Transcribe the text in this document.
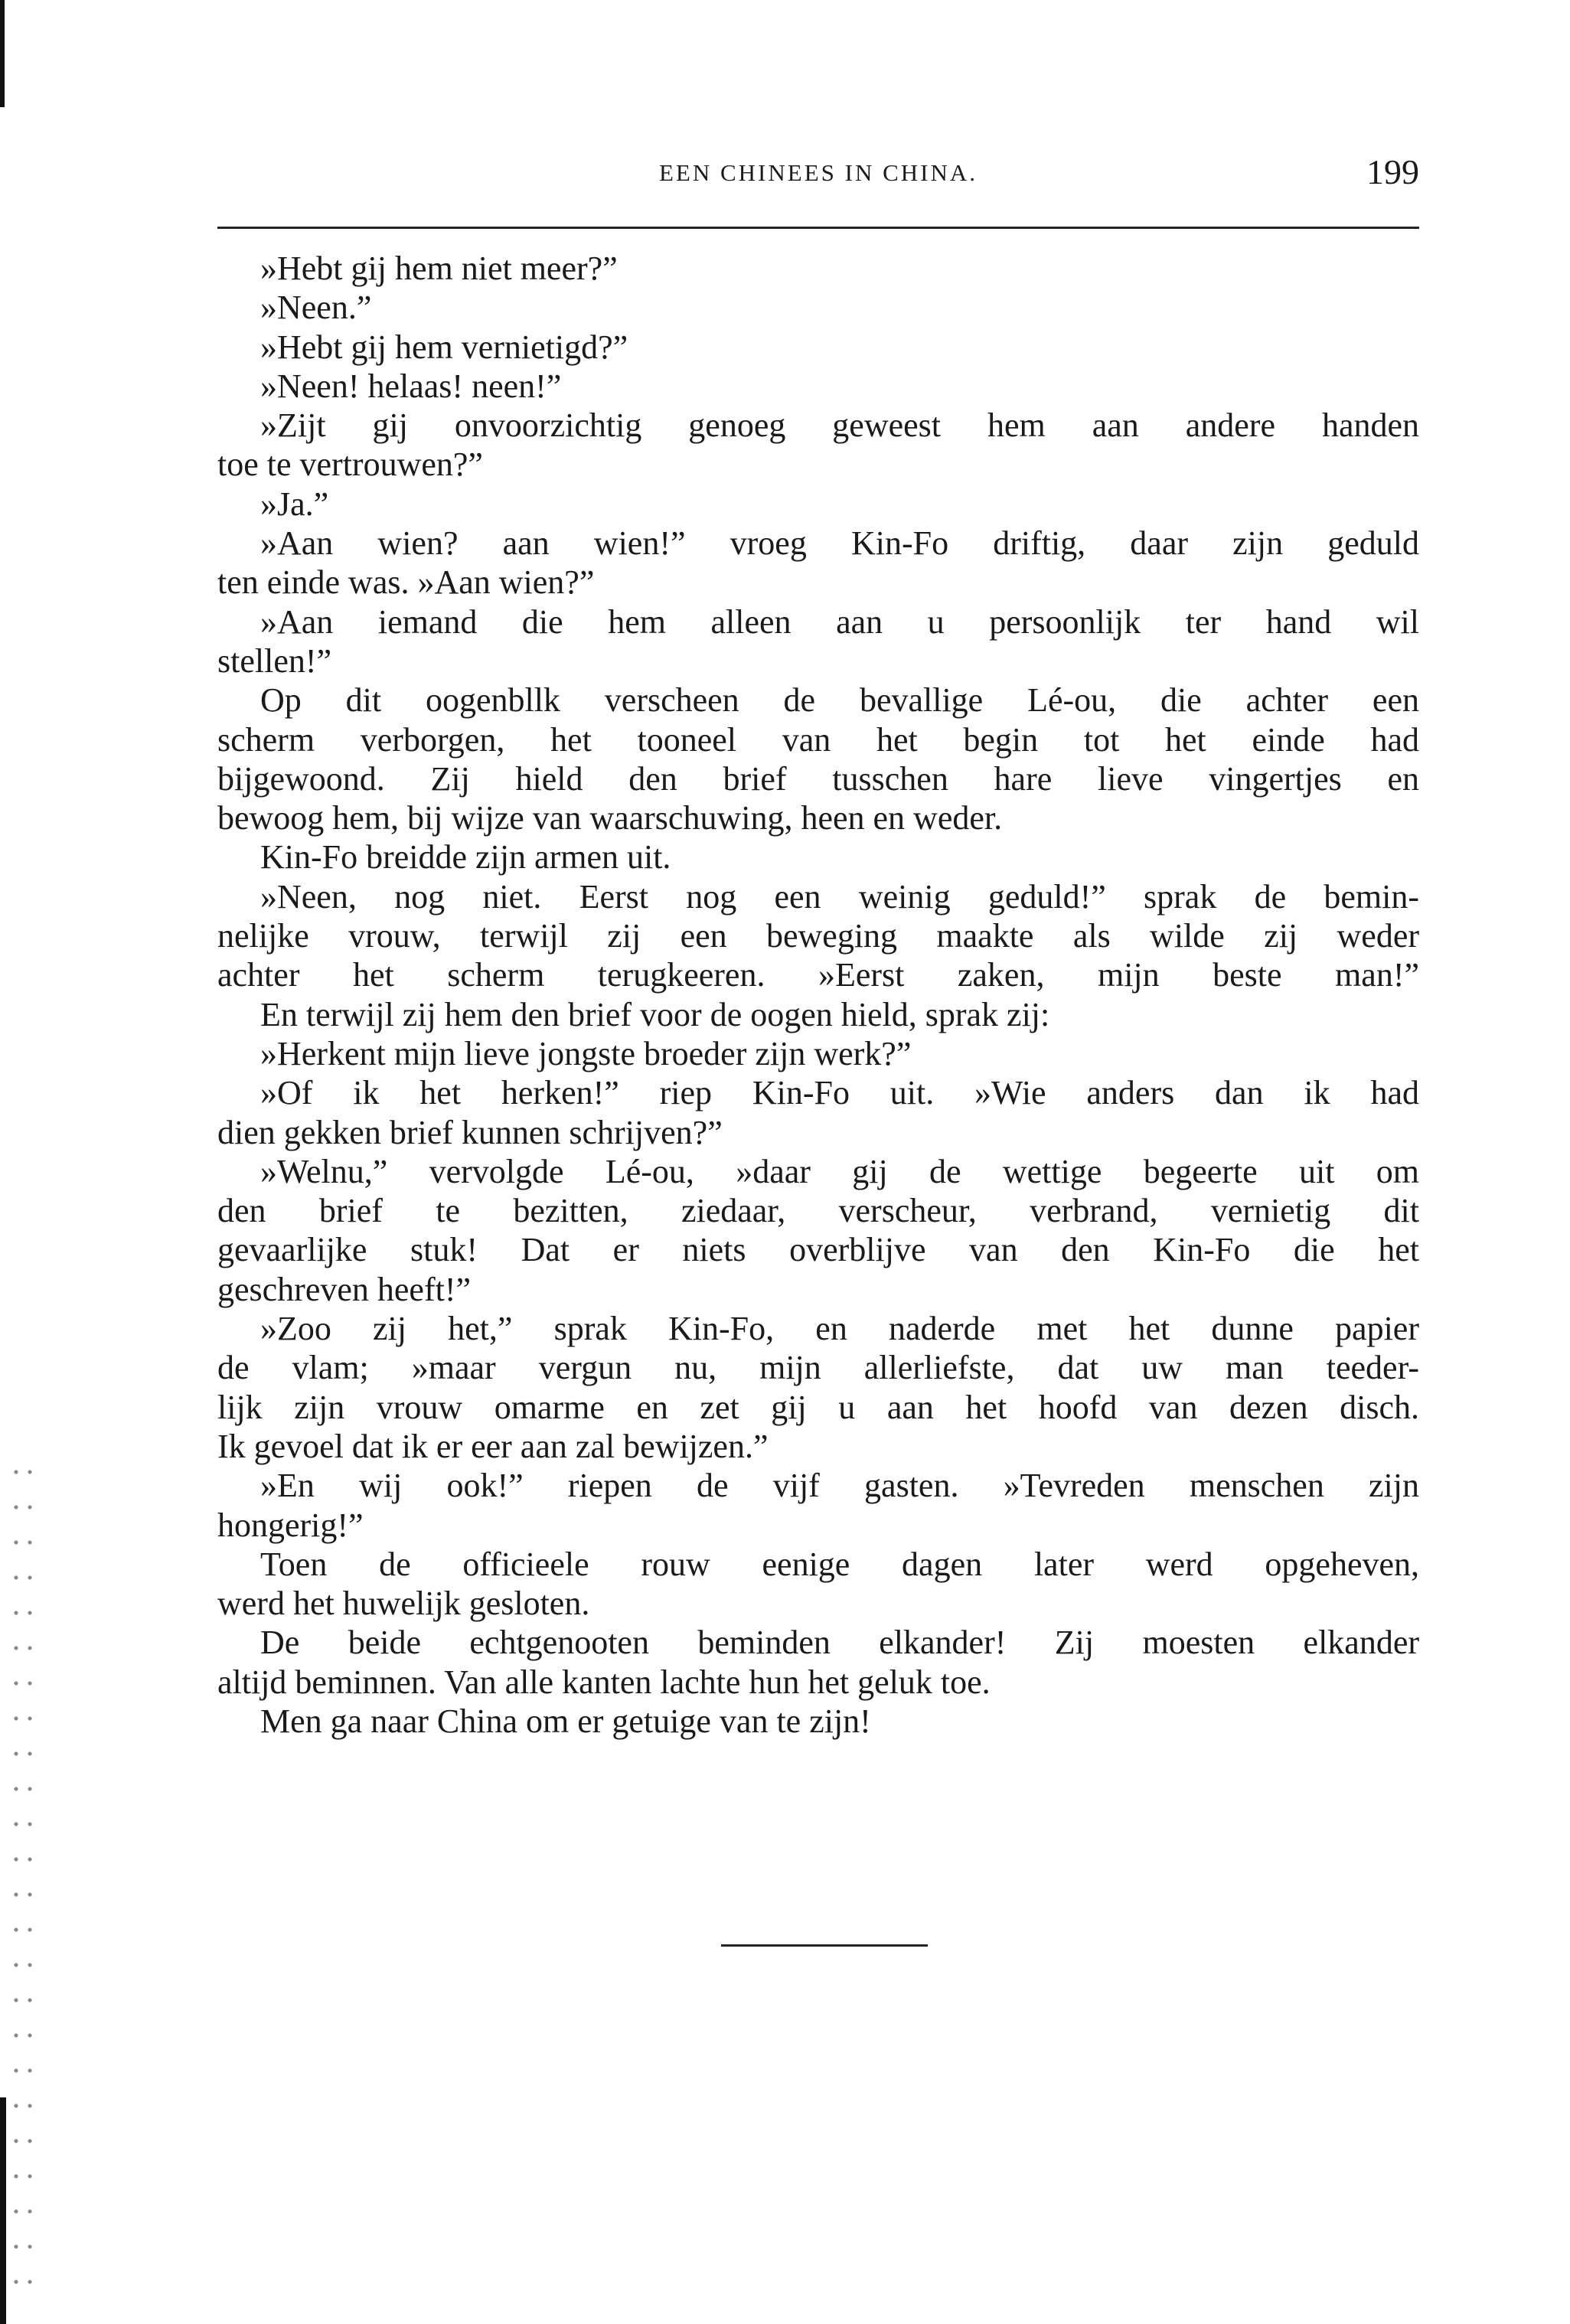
EEN CHINEES IN CHINA.	199
»Hebt gij hem niet meer?”
»Neen.”
»Hebt gij hem vernietigd?”
»Neen! helaas! neen!”
»Zijt gij onvoorzichtig genoeg geweest hem aan andere handen
toe te vertrouwen?”
»Ja.”
»Aan wien? aan wien!” vroeg Kin-Fo driftig, daar zijn geduld
ten einde was. »Aan wien?”
»Aan iemand die hem alleen aan u persoonlijk ter hand wil
stellen!”
Op dit oogenbllk verscheen de bevallige Lé-ou, die achter een
scherm verborgen, het tooneel van het begin tot het einde had
bijgewoond. Zij hield den brief tusschen hare lieve vingertjes en
bewoog hem, bij wijze van waarschuwing, heen en weder.
Kin-Fo breidde zijn armen uit.
»Neen, nog niet. Eerst nog een weinig geduld!” sprak de bemin-
nelijke vrouw, terwijl zij een beweging maakte als wilde zij weder
achter het scherm terugkeeren. »Eerst zaken, mijn beste man!”
En terwijl zij hem den brief voor de oogen hield, sprak zij:
»Herkent mijn lieve jongste broeder zijn werk?”
»Of ik het herken!” riep Kin-Fo uit. »Wie anders dan ik had
dien gekken brief kunnen schrijven?”
»Welnu,” vervolgde Lé-ou, »daar gij de wettige begeerte uit om
den brief te bezitten, ziedaar, verscheur, verbrand, vernietig dit
gevaarlijke stuk! Dat er niets overblijve van den Kin-Fo die het
geschreven heeft!”
»Zoo zij het,” sprak Kin-Fo, en naderde met het dunne papier
de vlam; »maar vergun nu, mijn allerliefste, dat uw man teeder-
lijk zijn vrouw omarme en zet gij u aan het hoofd van dezen disch.
Ik gevoel dat ik er eer aan zal bewijzen.”
»En wij ook!” riepen de vijf gasten. »Tevreden menschen zijn
hongerig!”
Toen de officieele rouw eenige dagen later werd opgeheven,
werd het huwelijk gesloten.
De beide echtgenooten beminden elkander! Zij moesten elkander
altijd beminnen. Van alle kanten lachte hun het geluk toe.
Men ga naar China om er getuige van te zijn!
